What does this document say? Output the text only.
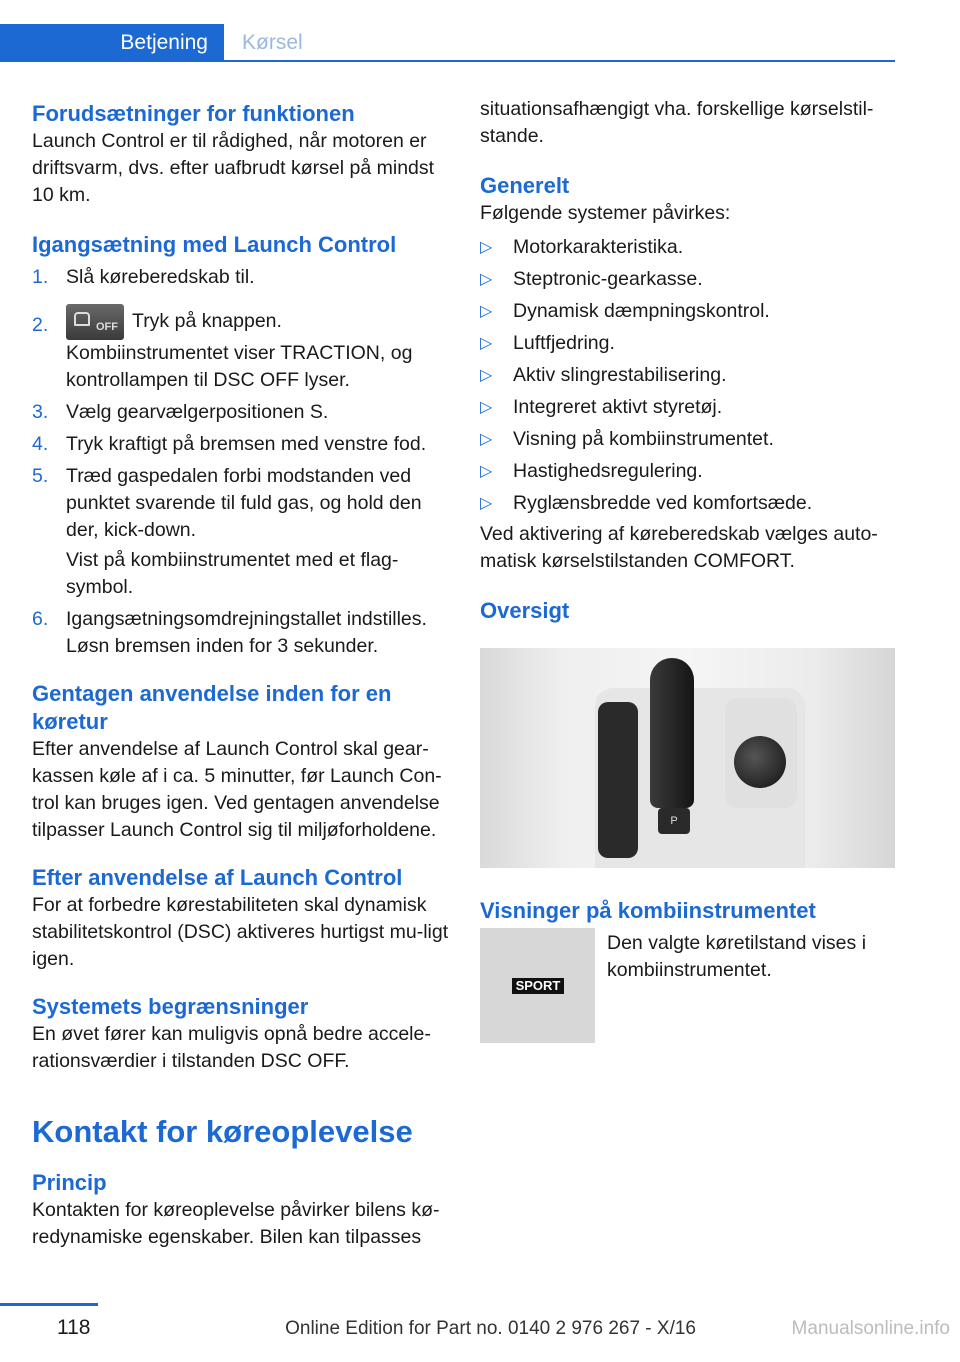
Betjening	Kørsel
Forudsætninger for funktionen

Launch Control er til rådighed, når motoren er driftsvarm, dvs. efter uafbrudt kørsel på mindst 10 km.

Igangsætning med Launch Control
1. Slå køreberedskab til.

2.	OFF Tryk på knappen.

Kombiinstrumentet viser TRACTION, og kontrollampen til DSC OFF lyser.

3. Vælg gearvælgerpositionen S.

4. Tryk kraftigt på bremsen med venstre fod.

5. Træd gaspedalen forbi modstanden ved punktet svarende til fuld gas, og hold den der, kick-down.

Vist på kombiinstrumentet med et flag-symbol.

6. Igangsætningsomdrejningstallet indstilles. Løsn bremsen inden for 3 sekunder.

Gentagen anvendelse inden for en køretur

Efter anvendelse af Launch Control skal gear-kassen køle af i ca. 5 minutter, før Launch Con-trol kan bruges igen. Ved gentagen anvendelse tilpasser Launch Control sig til miljøforholdene.

Efter anvendelse af Launch Control

For at forbedre kørestabiliteten skal dynamisk stabilitetskontrol (DSC) aktiveres hurtigst mu-ligt igen.

Systemets begrænsninger

En øvet fører kan muligvis opnå bedre accele-rationsværdier i tilstanden DSC OFF.

Kontakt for køreoplevelse
Princip

Kontakten for køreoplevelse påvirker bilens kø-redynamiske egenskaber. Bilen kan tilpasses

situationsafhængigt vha. forskellige kørselstil-stande.

Generelt

Følgende systemer påvirkes:

▷ Motorkarakteristika.
▷ Steptronic-gearkasse.
▷ Dynamisk dæmpningskontrol.
▷ Luftfjedring.
▷ Aktiv slingrestabilisering.
▷ Integreret aktivt styretøj.
▷ Visning på kombiinstrumentet.
▷ Hastighedsregulering.
▷ Ryglænsbredde ved komfortsæde.

Ved aktivering af køreberedskab vælges auto-matisk kørselstilstanden COMFORT.

Oversigt
P
Visninger på kombiinstrumentet
SPORT

Den valgte køretilstand vises i kombiinstrumentet.

118	Online Edition for Part no. 0140 2 976 267 - X/16	Manualsonline.info
